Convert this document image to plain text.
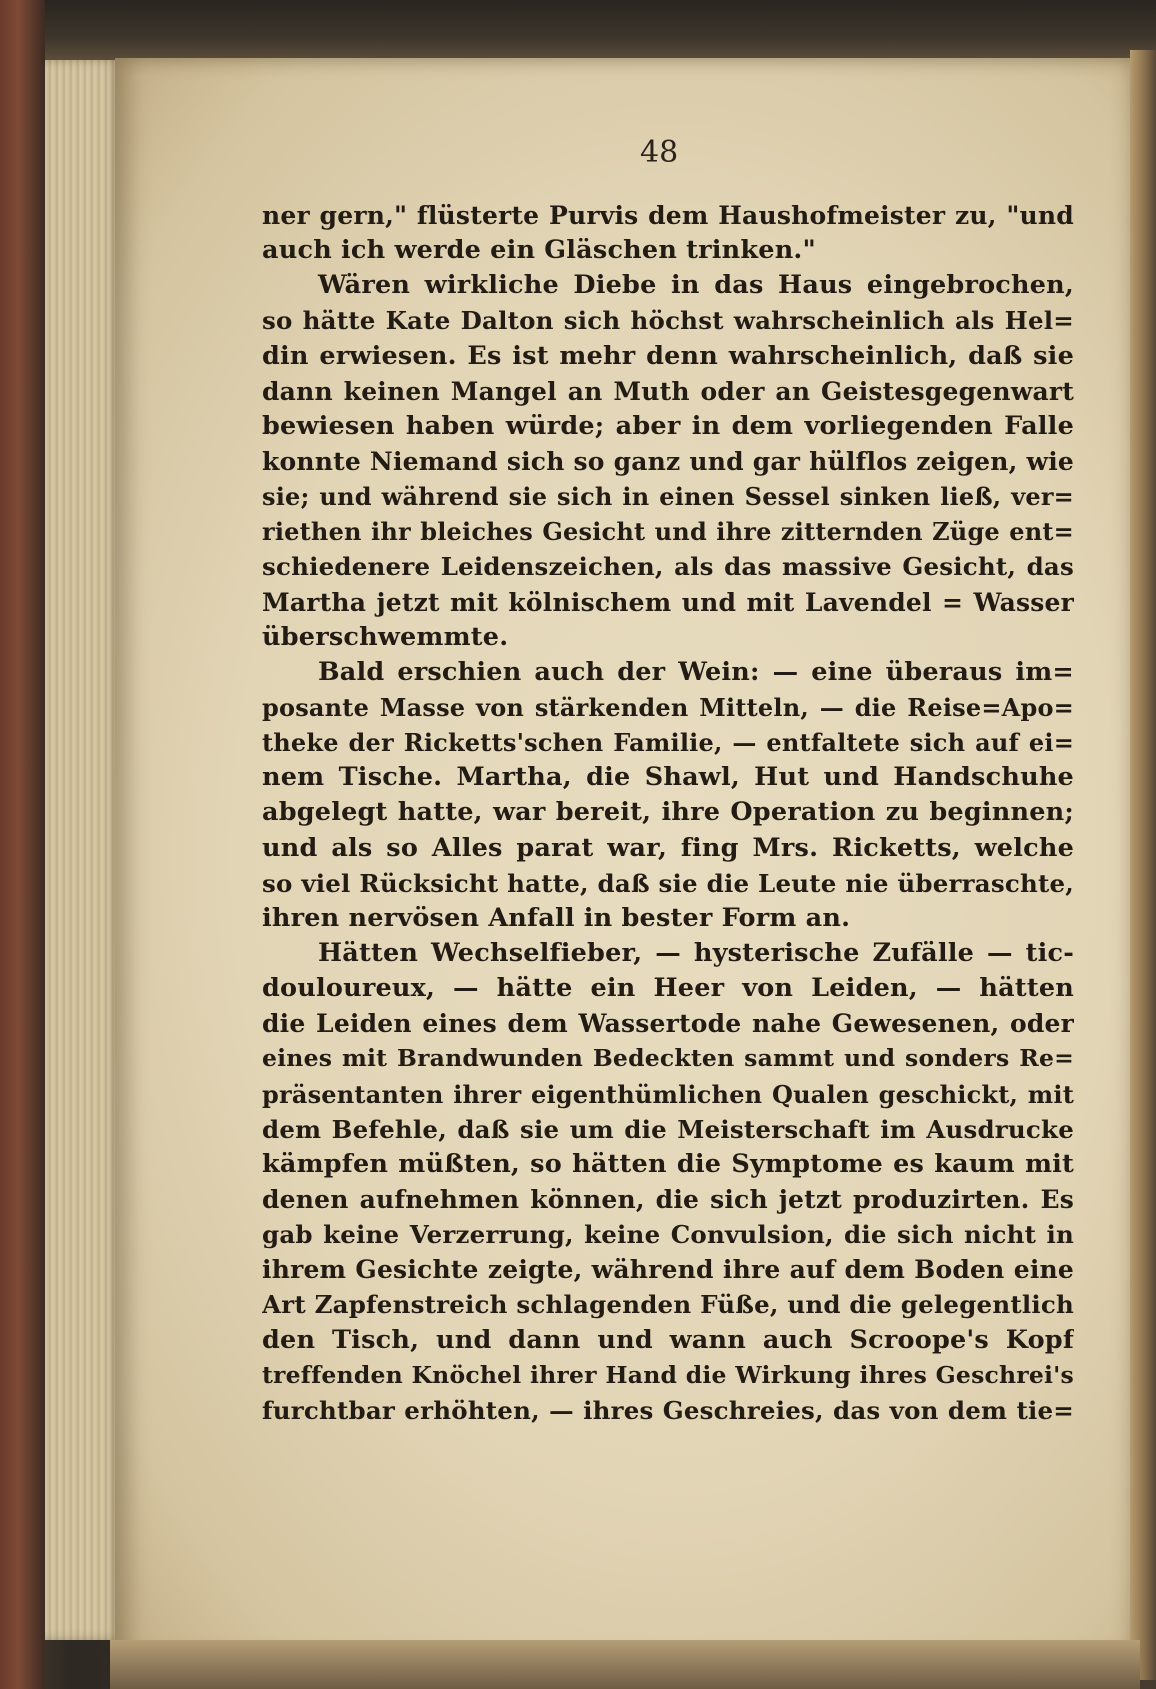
48
ner gern," flüsterte Purvis dem Haushofmeister zu, "und
auch ich werde ein Gläschen trinken."
Wären wirkliche Diebe in das Haus eingebrochen,
so hätte Kate Dalton sich höchst wahrscheinlich als Hel=
din erwiesen. Es ist mehr denn wahrscheinlich, daß sie
dann keinen Mangel an Muth oder an Geistesgegenwart
bewiesen haben würde; aber in dem vorliegenden Falle
konnte Niemand sich so ganz und gar hülflos zeigen, wie
sie; und während sie sich in einen Sessel sinken ließ, ver=
riethen ihr bleiches Gesicht und ihre zitternden Züge ent=
schiedenere Leidenszeichen, als das massive Gesicht, das
Martha jetzt mit kölnischem und mit Lavendel = Wasser
überschwemmte.
Bald erschien auch der Wein: — eine überaus im=
posante Masse von stärkenden Mitteln, — die Reise=Apo=
theke der Ricketts'schen Familie, — entfaltete sich auf ei=
nem Tische. Martha, die Shawl, Hut und Handschuhe
abgelegt hatte, war bereit, ihre Operation zu beginnen;
und als so Alles parat war, fing Mrs. Ricketts, welche
so viel Rücksicht hatte, daß sie die Leute nie überraschte,
ihren nervösen Anfall in bester Form an.
Hätten Wechselfieber, — hysterische Zufälle — tic-
douloureux, — hätte ein Heer von Leiden, — hätten
die Leiden eines dem Wassertode nahe Gewesenen, oder
eines mit Brandwunden Bedeckten sammt und sonders Re=
präsentanten ihrer eigenthümlichen Qualen geschickt, mit
dem Befehle, daß sie um die Meisterschaft im Ausdrucke
kämpfen müßten, so hätten die Symptome es kaum mit
denen aufnehmen können, die sich jetzt produzirten. Es
gab keine Verzerrung, keine Convulsion, die sich nicht in
ihrem Gesichte zeigte, während ihre auf dem Boden eine
Art Zapfenstreich schlagenden Füße, und die gelegentlich
den Tisch, und dann und wann auch Scroope's Kopf
treffenden Knöchel ihrer Hand die Wirkung ihres Geschrei's
furchtbar erhöhten, — ihres Geschreies, das von dem tie=
